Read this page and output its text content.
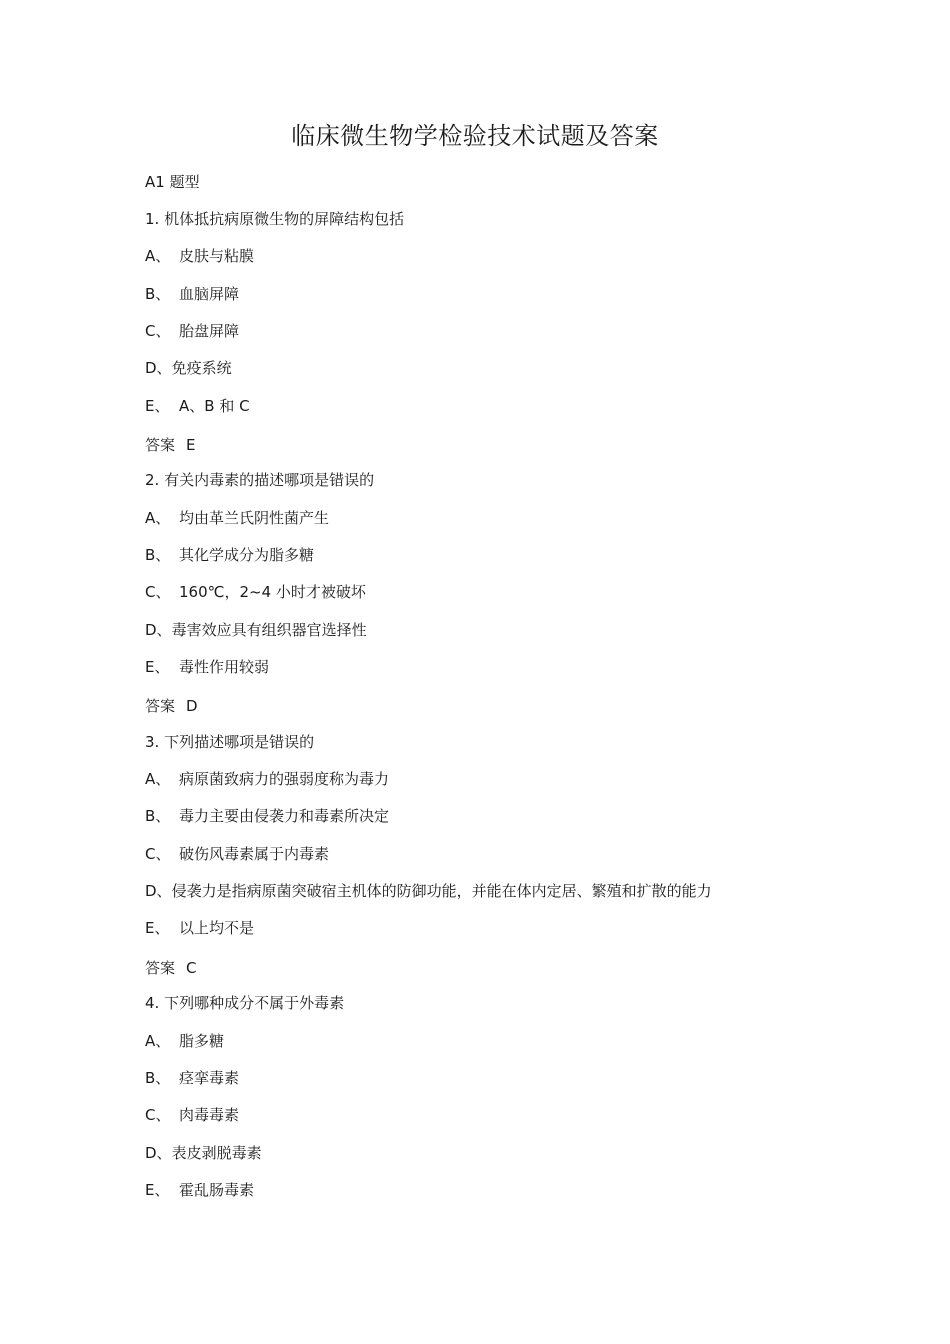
临床微生物学检验技术试题及答案
A1 题型
1. 机体抵抗病原微生物的屏障结构包括
A、 皮肤与粘膜
B、 血脑屏障
C、 胎盘屏障
D、免疫系统
E、 A、B 和 C
答案 E
2. 有关内毒素的描述哪项是错误的
A、 均由革兰氏阴性菌产生
B、 其化学成分为脂多糖
C、 160℃，2~4 小时才被破坏
D、毒害效应具有组织器官选择性
E、 毒性作用较弱
答案 D
3. 下列描述哪项是错误的
A、 病原菌致病力的强弱度称为毒力
B、 毒力主要由侵袭力和毒素所决定
C、 破伤风毒素属于内毒素
D、侵袭力是指病原菌突破宿主机体的防御功能，并能在体内定居、繁殖和扩散的能力
E、 以上均不是
答案 C
4. 下列哪种成分不属于外毒素
A、 脂多糖
B、 痉挛毒素
C、 肉毒毒素
D、表皮剥脱毒素
E、 霍乱肠毒素
